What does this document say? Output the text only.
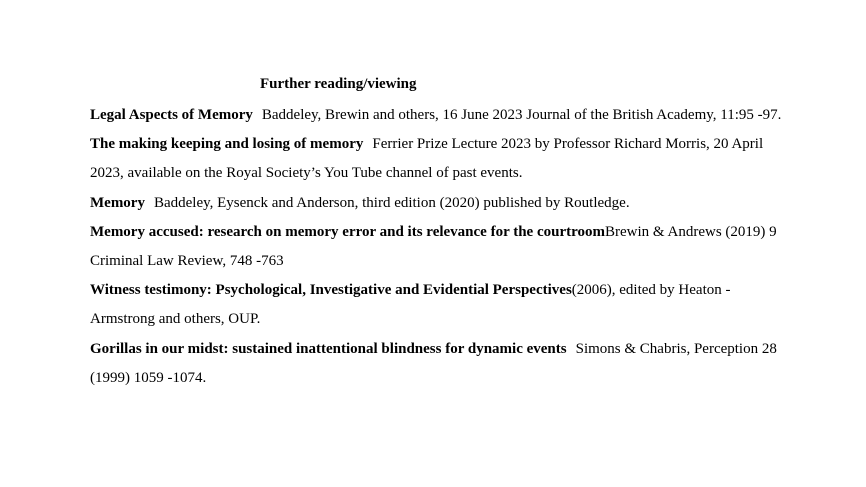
Further reading/viewing

Legal Aspects of Memory Baddeley, Brewin and others, 16 June 2023 Journal of the British Academy, 11:95 -97.

The making keeping and losing of memory Ferrier Prize Lecture 2023 by Professor Richard Morris, 20 April 2023, available on the Royal Society’s You Tube channel of past events.

Memory Baddeley, Eysenck and Anderson, third edition (2020) published by Routledge.

Memory accused: research on memory error and its relevance for the courtroomBrewin & Andrews (2019) 9 Criminal Law Review, 748 -763

Witness testimony: Psychological, Investigative and Evidential Perspectives(2006), edited by Heaton - Armstrong and others, OUP.

Gorillas in our midst: sustained inattentional blindness for dynamic events Simons & Chabris, Perception 28 (1999) 1059 -1074.
